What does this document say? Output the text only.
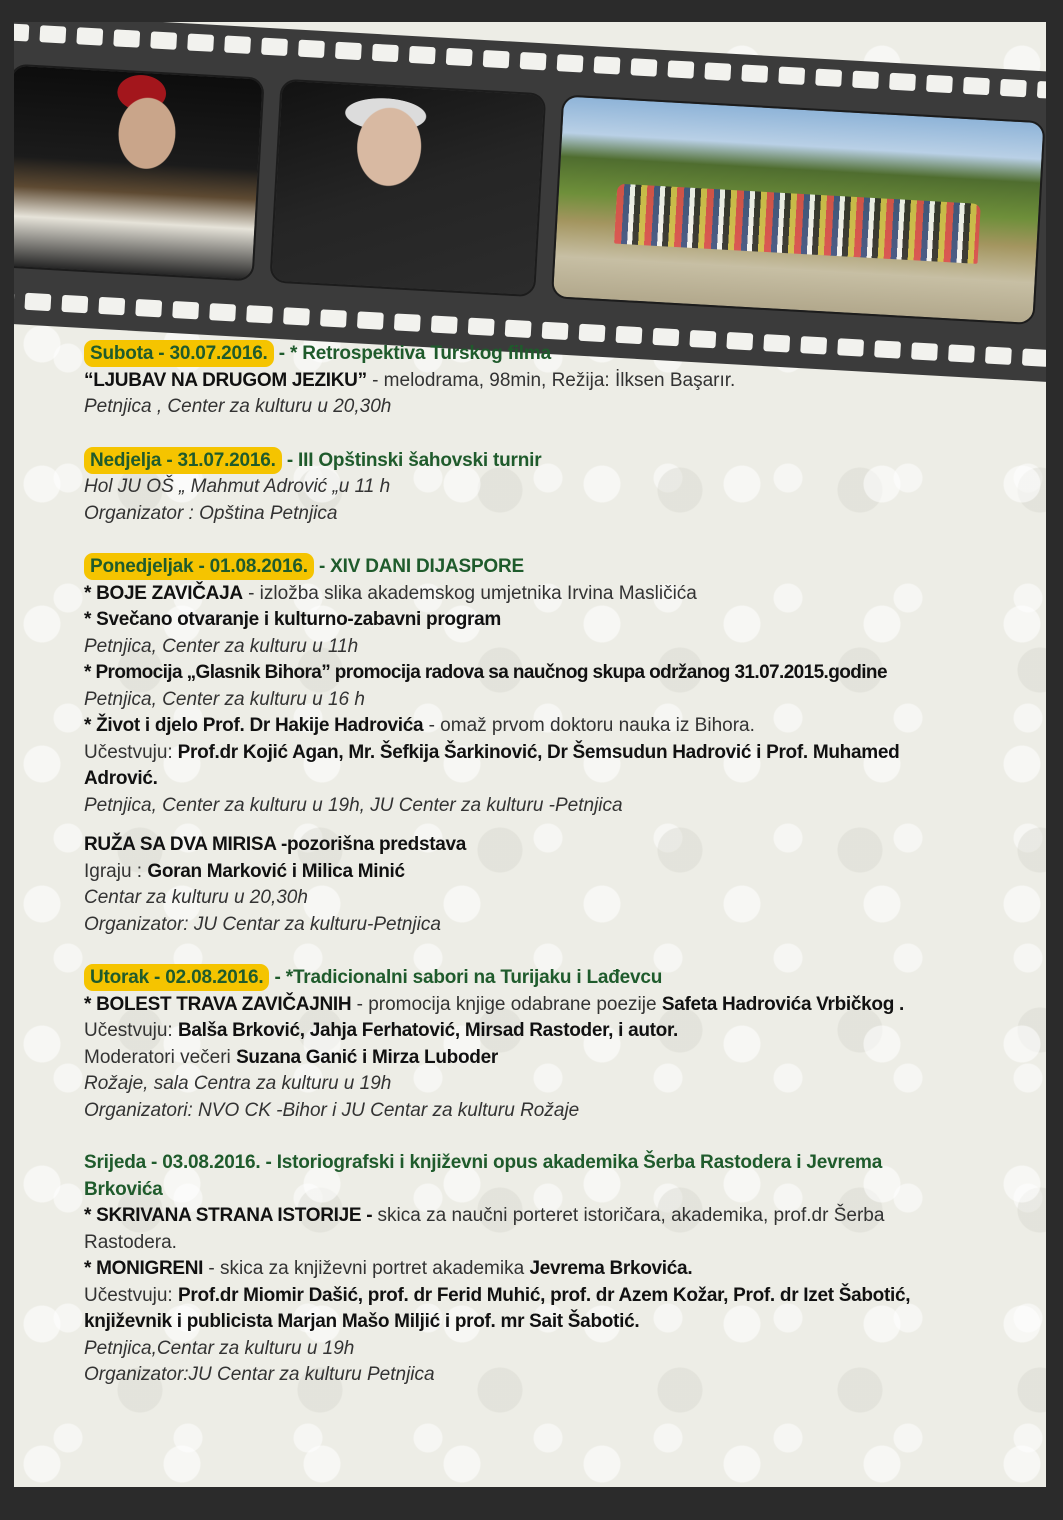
Subota - 30.07.2016. - * Retrospektiva Turskog filma
“LJUBAV NA DRUGOM JEZIKU” - melodrama, 98min, Režija: İlksen Başarır.
Petnjica , Center za kulturu u 20,30h
Nedjelja - 31.07.2016. - III Opštinski šahovski turnir
Hol JU OŠ „ Mahmut Adrović „u 11 h
Organizator : Opština Petnjica
Ponedjeljak - 01.08.2016. - XIV DANI DIJASPORE
* BOJE ZAVIČAJA - izložba slika akademskog umjetnika Irvina Masličića
* Svečano otvaranje i kulturno-zabavni program
Petnjica, Center za kulturu u 11h
* Promocija „Glasnik Bihora” promocija radova sa naučnog skupa održanog 31.07.2015.godine
Petnjica, Center za kulturu u 16 h
* Život i djelo Prof. Dr Hakije Hadrovića - omaž prvom doktoru nauka iz Bihora.
Učestvuju: Prof.dr Kojić Agan, Mr. Šefkija Šarkinović, Dr Šemsudun Hadrović i Prof. Muhamed Adrović.
Petnjica, Center za kulturu u 19h, JU Center za kulturu -Petnjica
RUŽA SA DVA MIRISA -pozorišna predstava
Igraju : Goran Marković i Milica Minić
Centar za kulturu u 20,30h
Organizator: JU Centar za kulturu-Petnjica
Utorak - 02.08.2016. - *Tradicionalni sabori na Turijaku i Lađevcu
* BOLEST TRAVA ZAVIČAJNIH - promocija knjige odabrane poezije Safeta Hadrovića Vrbičkog .
Učestvuju: Balša Brković, Jahja Ferhatović, Mirsad Rastoder, i autor.
Moderatori večeri Suzana Ganić i Mirza Luboder
Rožaje, sala Centra za kulturu u 19h
Organizatori: NVO CK -Bihor i JU Centar za kulturu Rožaje
Srijeda - 03.08.2016. - Istoriografski i književni opus akademika Šerba Rastodera i Jevrema Brkovića
* SKRIVANA STRANA ISTORIJE - skica za naučni porteret istoričara, akademika, prof.dr Šerba Rastodera.
* MONIGRENI - skica za književni portret akademika Jevrema Brkovića.
Učestvuju: Prof.dr Miomir Dašić, prof. dr Ferid Muhić, prof. dr Azem Kožar, Prof. dr Izet Šabotić, književnik i publicista Marjan Mašo Miljić i prof. mr Sait Šabotić.
Petnjica,Centar za kulturu u 19h
Organizator:JU Centar za kulturu Petnjica
